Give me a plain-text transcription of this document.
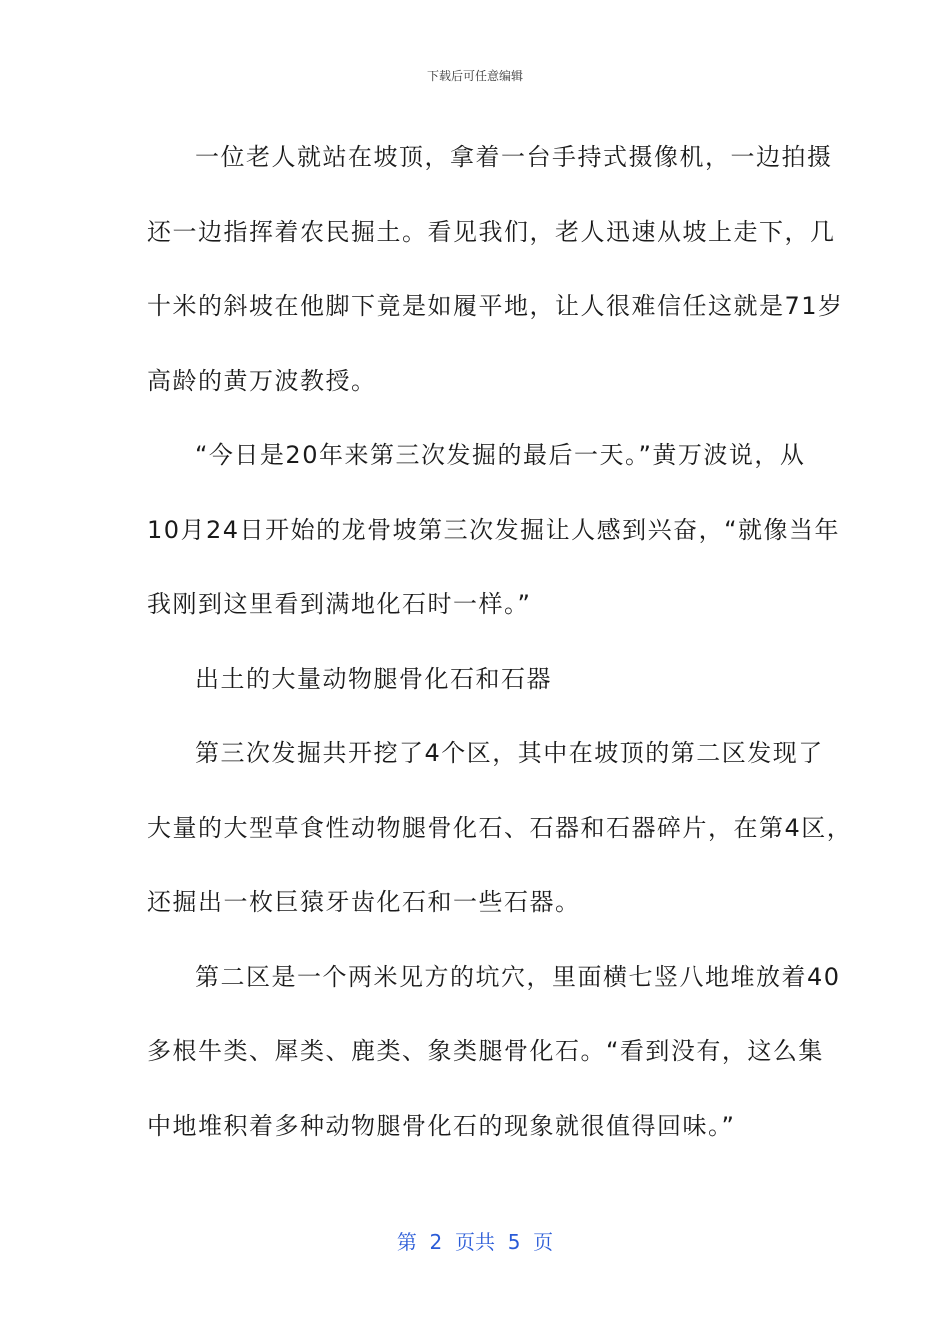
下载后可任意编辑
一位老人就站在坡顶，拿着一台手持式摄像机，一边拍摄
还一边指挥着农民掘土。看见我们，老人迅速从坡上走下，几
十米的斜坡在他脚下竟是如履平地，让人很难信任这就是71岁
高龄的黄万波教授。
“今日是20年来第三次发掘的最后一天。”黄万波说，从
10月24日开始的龙骨坡第三次发掘让人感到兴奋，“就像当年
我刚到这里看到满地化石时一样。”
出土的大量动物腿骨化石和石器
第三次发掘共开挖了4个区，其中在坡顶的第二区发现了
大量的大型草食性动物腿骨化石、石器和石器碎片，在第4区，
还掘出一枚巨猿牙齿化石和一些石器。
第二区是一个两米见方的坑穴，里面横七竖八地堆放着40
多根牛类、犀类、鹿类、象类腿骨化石。“看到没有，这么集
中地堆积着多种动物腿骨化石的现象就很值得回味。”
第  2  页共  5  页
